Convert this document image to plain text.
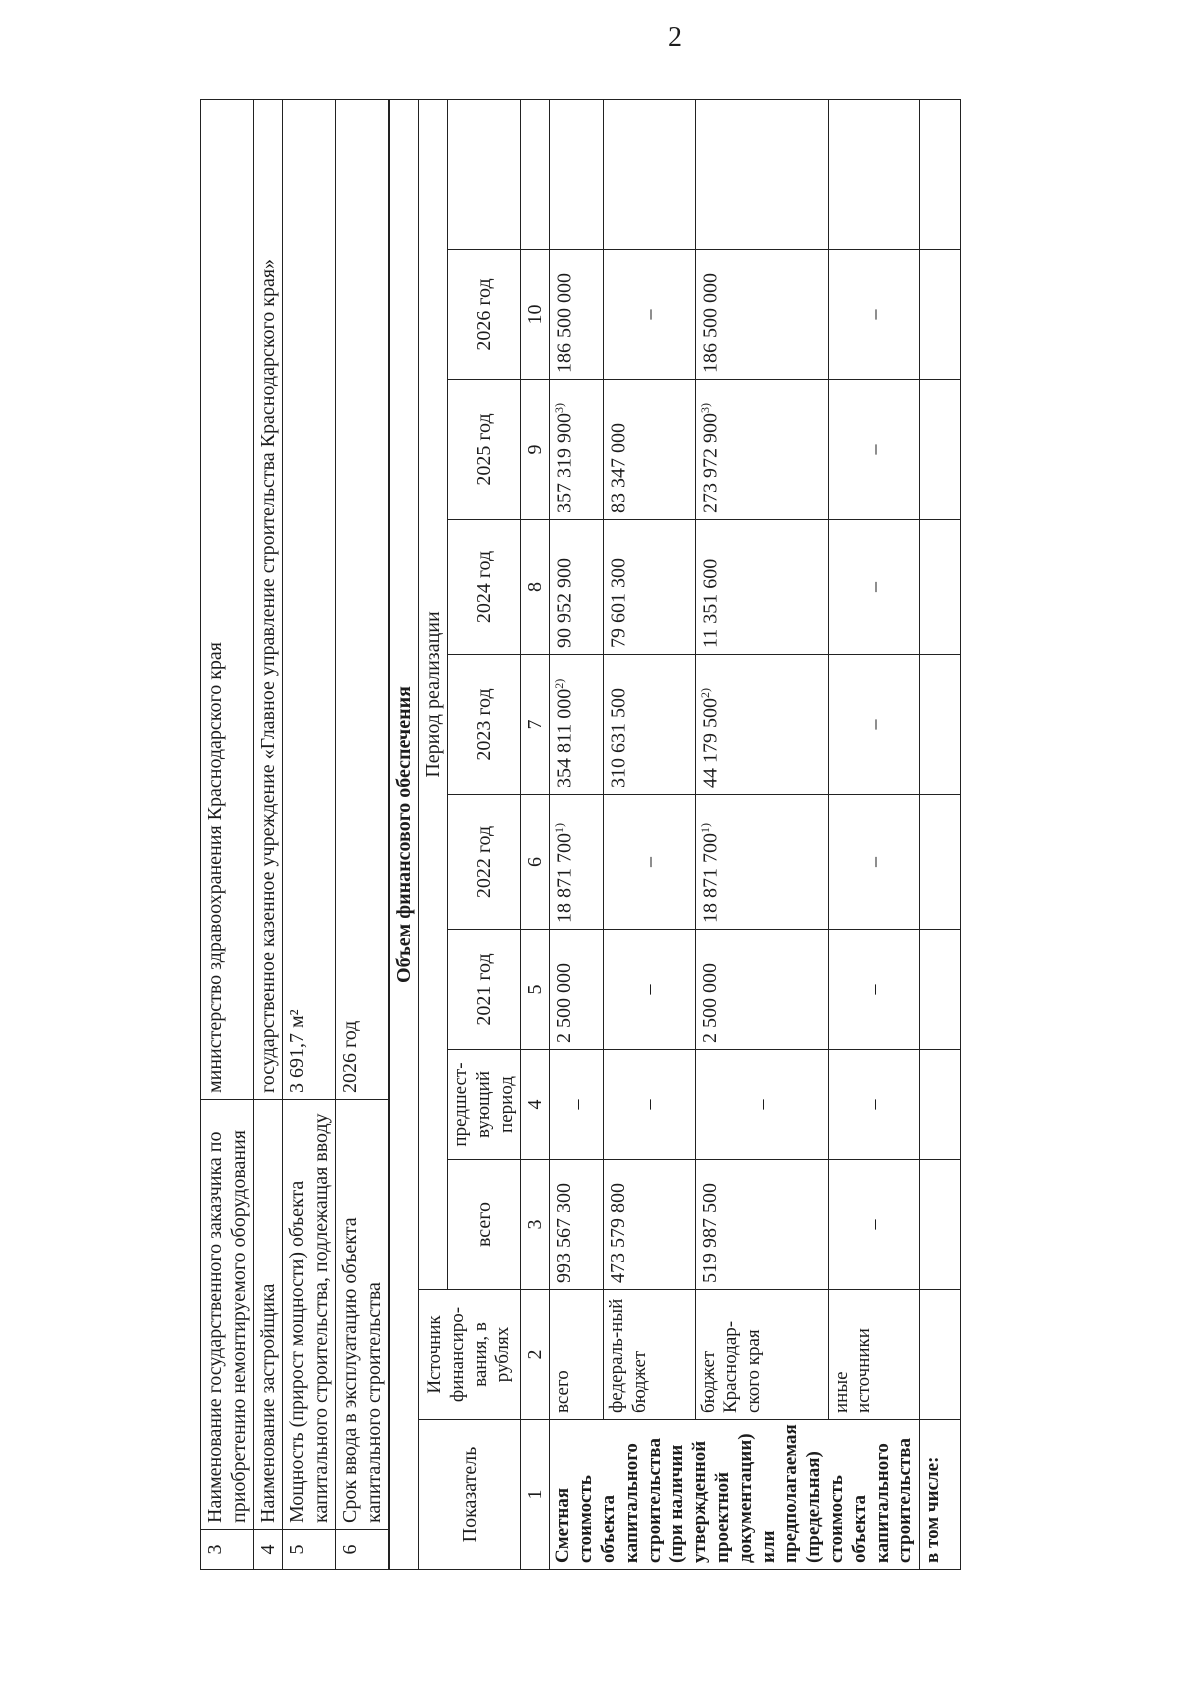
2
3	Наименование государственного заказчика по приобретению немонтируемого оборудования	министерство здравоохранения Краснодарского края
4	Наименование застройщика	государственное казенное учреждение «Главное управление строительства Краснодарского края»
5	Мощность (прирост мощности) объекта капитального строительства, подлежащая вводу	3 691,7 м²
6	Срок ввода в эксплуатацию объекта капитального строительства	2026 год
Объем финансового обеспечения										
Показатель	Источник финансиро-вания, в рублях	Период реализации								
		всего	предшест-вующий период	2021 год	2022 год	2023 год	2024 год	2025 год	2026 год	
1	2	3	4	5	6	7	8	9	10	
Сметная стоимость объекта капитального строительства (при наличии утвержденной проектной документации) или предполагаемая (предельная) стоимость объекта капитального строительства	всего	993 567 300	–	2 500 000	18 871 700$^{1)}$	354 811 000$^{2)}$	90 952 900	357 319 900$^{3)}$	186 500 000	
	федераль-ный бюджет	473 579 800	–	–	–	310 631 500	79 601 300	83 347 000	–	
	бюджет Краснодар-ского края	519 987 500	–	2 500 000	18 871 700$^{1)}$	44 179 500$^{2)}$	11 351 600	273 972 900$^{3)}$	186 500 000	
	иные источники	–	–	–	–	–	–	–	–	
в том числе:										
